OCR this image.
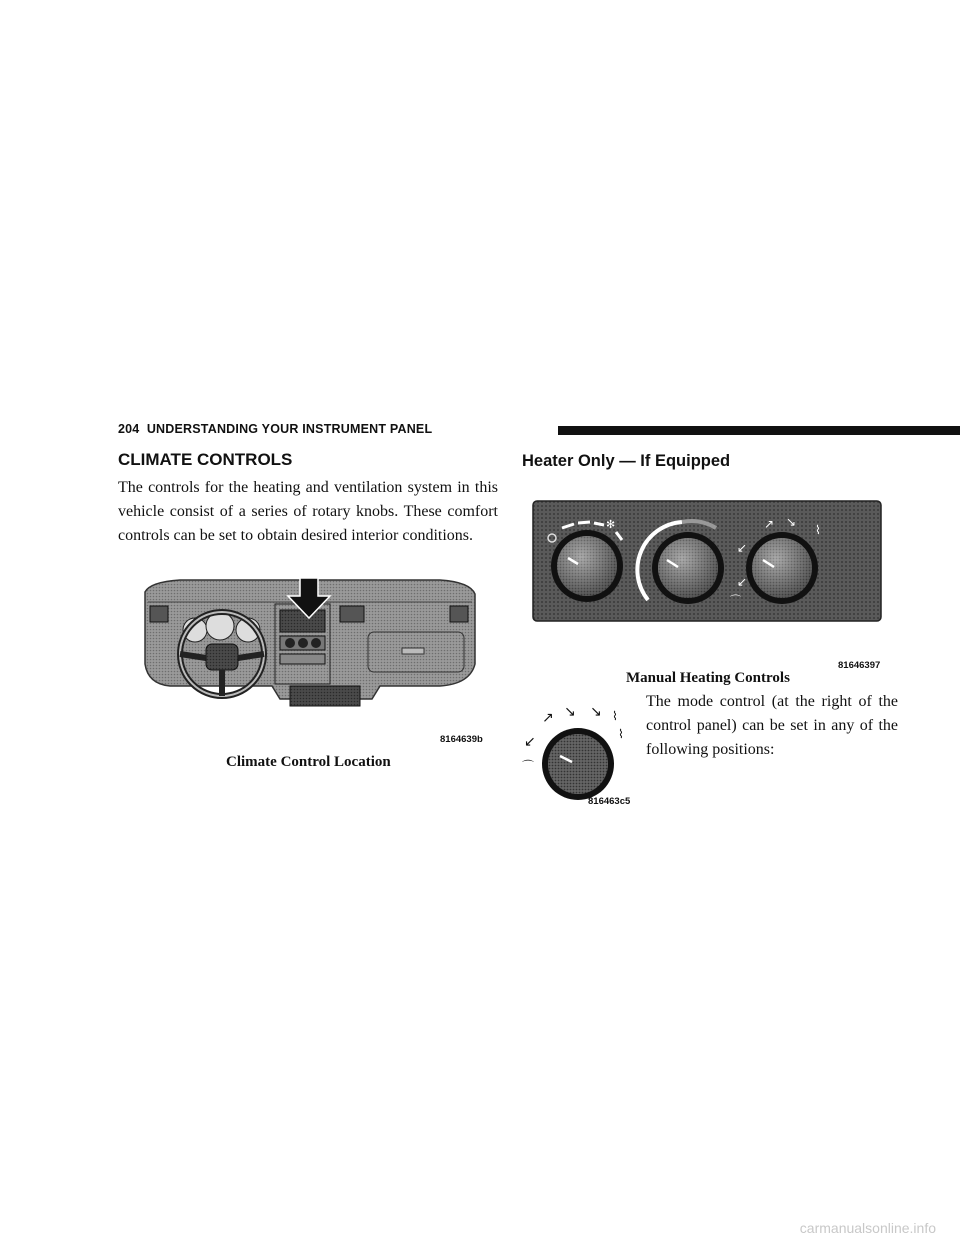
204 UNDERSTANDING YOUR INSTRUMENT PANEL
CLIMATE CONTROLS
The controls for the heating and ventilation system in this vehicle consist of a series of rotary knobs. These comfort controls can be set to obtain desired interior conditions.
8164639b
Climate Control Location
Heater Only — If Equipped
✻	↗ ↘
⌇
↙
↙
⌒
81646397
Manual Heating Controls
↗ ↘ ↘ ⌇
⌇
↙
⌒
816463c5
The mode control (at the right of the control panel) can be set in any of the following positions:
carmanualsonline.info
